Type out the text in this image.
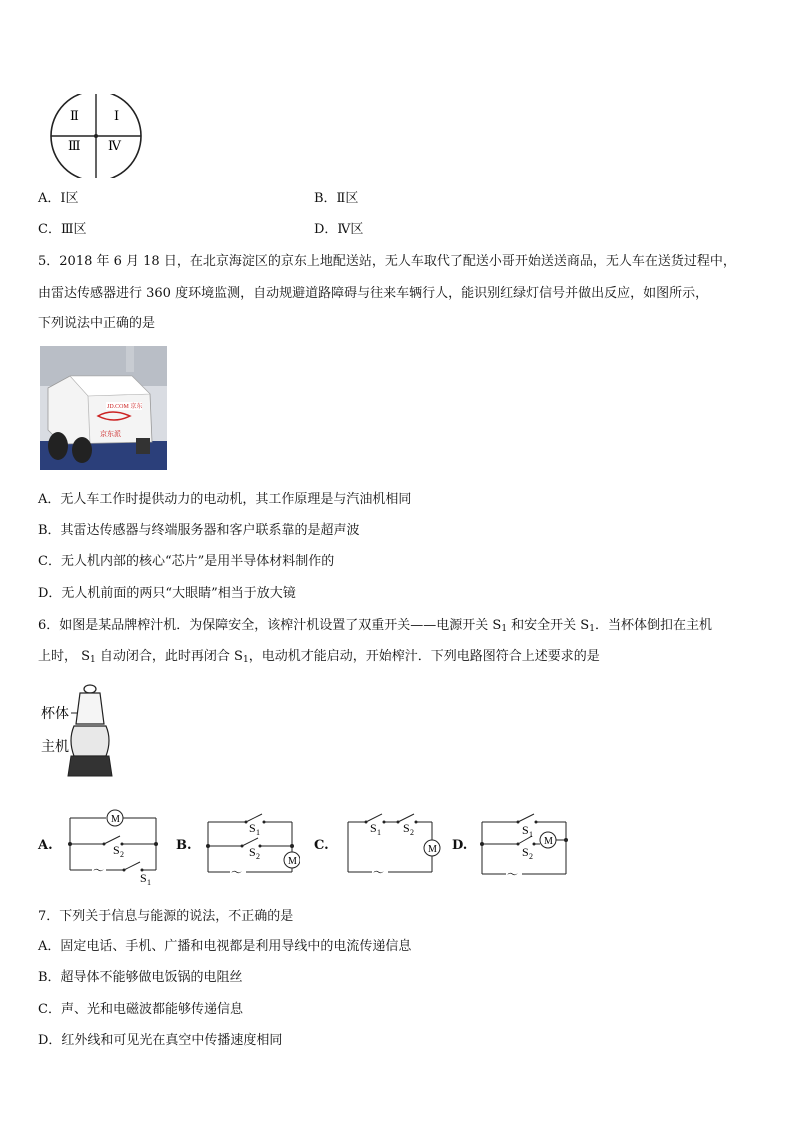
Ⅰ
Ⅱ
Ⅲ Ⅳ
A．Ⅰ区	B．Ⅱ区
C．Ⅲ区	D．Ⅳ区
5．2018 年 6 月 18 日，在北京海淀区的京东上地配送站，无人车取代了配送小哥开始送送商品，无人车在送货过程中，
由雷达传感器进行 360 度环境监测，自动规避道路障碍与往来车辆行人，能识别红绿灯信号并做出反应，如图所示，
下列说法中正确的是
JD.COM 京东
京东派
A．无人车工作时提供动力的电动机，其工作原理是与汽油机相同
B．其雷达传感器与终端服务器和客户联系靠的是超声波
C．无人机内部的核心“芯片”是用半导体材料制作的
D．无人机前面的两只“大眼睛”相当于放大镜
6．如图是某品牌榨汁机．为保障安全，该榨汁机设置了双重开关——电源开关 $S_1$ 和安全开关 $S_1$．当杯体倒扣在主机
上时， $S_1$ 自动闭合，此时再闭合 $S_1$，电动机才能启动，开始榨汁．下列电路图符合上述要求的是
杯体
主机
A.
M
S 2
～	S 1
B.
M
S 1
S 2
～
C.	M
S 1 S 2
～
D.	M
S 1
S 2
～
7．下列关于信息与能源的说法，不正确的是
A．固定电话、手机、广播和电视都是利用导线中的电流传递信息
B．超导体不能够做电饭锅的电阻丝
C．声、光和电磁波都能够传递信息
D．红外线和可见光在真空中传播速度相同
